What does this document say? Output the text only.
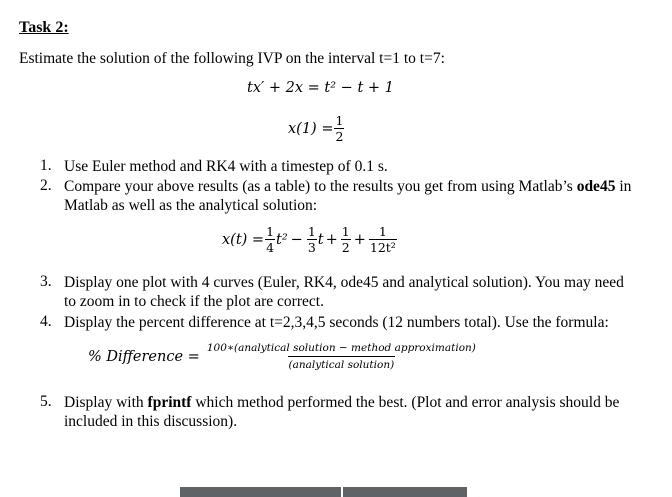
Task 2:
Estimate the solution of the following IVP on the interval t=1 to t=7:
tx′ + 2x = t² − t + 1
$x(1) = \frac{1}{2}$
1. Use Euler method and RK4 with a timestep of 0.1 s.
2. Compare your above results (as a table) to the results you get from using Matlab’s ode45 in Matlab as well as the analytical solution:
$x(t) = \frac{1}{4} t^2 - \frac{1}{3}$ $t + \frac{1}{2} + \frac{1}{\text{12t²}}$
3. Display one plot with 4 curves (Euler, RK4, ode45 and analytical solution). You may need to zoom in to check if the plot are correct.
4. Display the percent difference at t=2,3,4,5 seconds (12 numbers total). Use the formula:
% Difference = $\frac{\text{100∗(analytical solution − method approximation)}}{\text{(analytical solution)}}$
5. Display with fprintf which method performed the best. (Plot and error analysis should be included in this discussion).
